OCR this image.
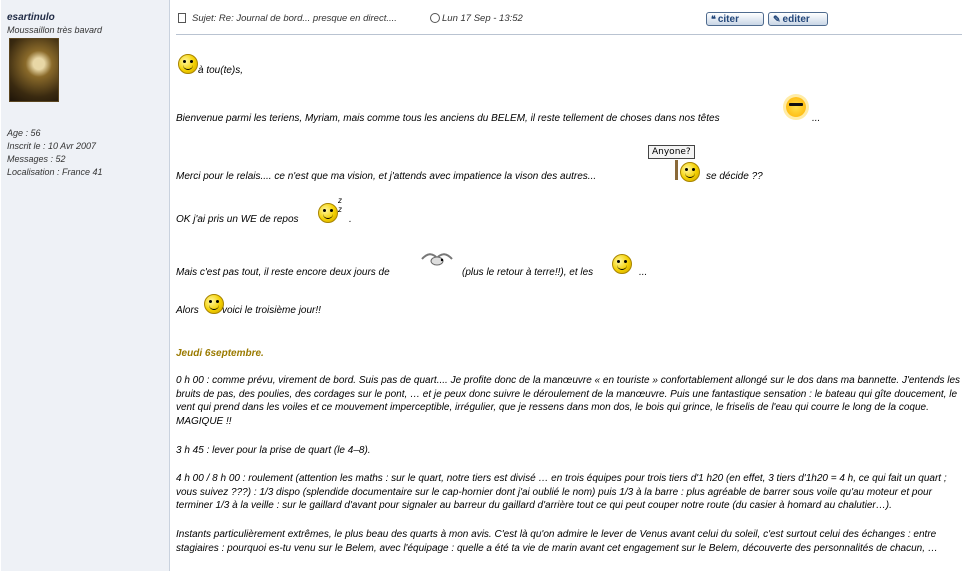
esartinulo
Moussaillon très bavard
Age : 56
Inscrit le : 10 Avr 2007
Messages : 52
Localisation : France 41
Sujet: Re: Journal de bord... presque en direct....	Lun 17 Sep - 13:52	❝ citer	✎ editer
à tou(te)s,
Bienvenue parmi les teriens, Myriam, mais comme tous les anciens du BELEM, il reste tellement de choses dans nos têtes	...
Merci pour le relais.... ce n'est que ma vision, et j'attends avec impatience la vison des autres...
Anyone?
se décide ??
OK j'ai pris un WE de repos
z
z
.
Mais c'est pas tout, il reste encore deux jours de	(plus le retour à terre!!), et les	...
Alors voici le troisième jour!!
Jeudi 6septembre.
0 h 00 : comme prévu, virement de bord. Suis pas de quart.... Je profite donc de la manœuvre « en touriste » confortablement allongé sur le dos dans ma bannette. J'entends les bruits de pas, des poulies, des cordages sur le pont, … et je peux donc suivre le déroulement de la manœuvre. Puis une fantastique sensation : le bateau qui gîte doucement, le vent qui prend dans les voiles et ce mouvement imperceptible, irrégulier, que je ressens dans mon dos, le bois qui grince, le friselis de l'eau qui courre le long de la coque. MAGIQUE !!
3 h 45 : lever pour la prise de quart (le 4–8).
4 h 00 / 8 h 00 : roulement (attention les maths : sur le quart, notre tiers est divisé … en trois équipes pour trois tiers d'1 h20 (en effet, 3 tiers d'1h20 = 4 h, ce qui fait un quart ; vous suivez ???) : 1/3 dispo (splendide documentaire sur le cap-hornier dont j'ai oublié le nom) puis 1/3 à la barre : plus agréable de barrer sous voile qu'au moteur et pour terminer 1/3 à la veille : sur le gaillard d'avant pour signaler au barreur du gaillard d'arrière tout ce qui peut couper notre route (du casier à homard au chalutier…).
Instants particulièrement extrêmes, le plus beau des quarts à mon avis. C'est là qu'on admire le lever de Venus avant celui du soleil, c'est surtout celui des échanges : entre stagiaires : pourquoi es-tu venu sur le Belem, avec l'équipage : quelle a été ta vie de marin avant cet engagement sur le Belem, découverte des personnalités de chacun, …
